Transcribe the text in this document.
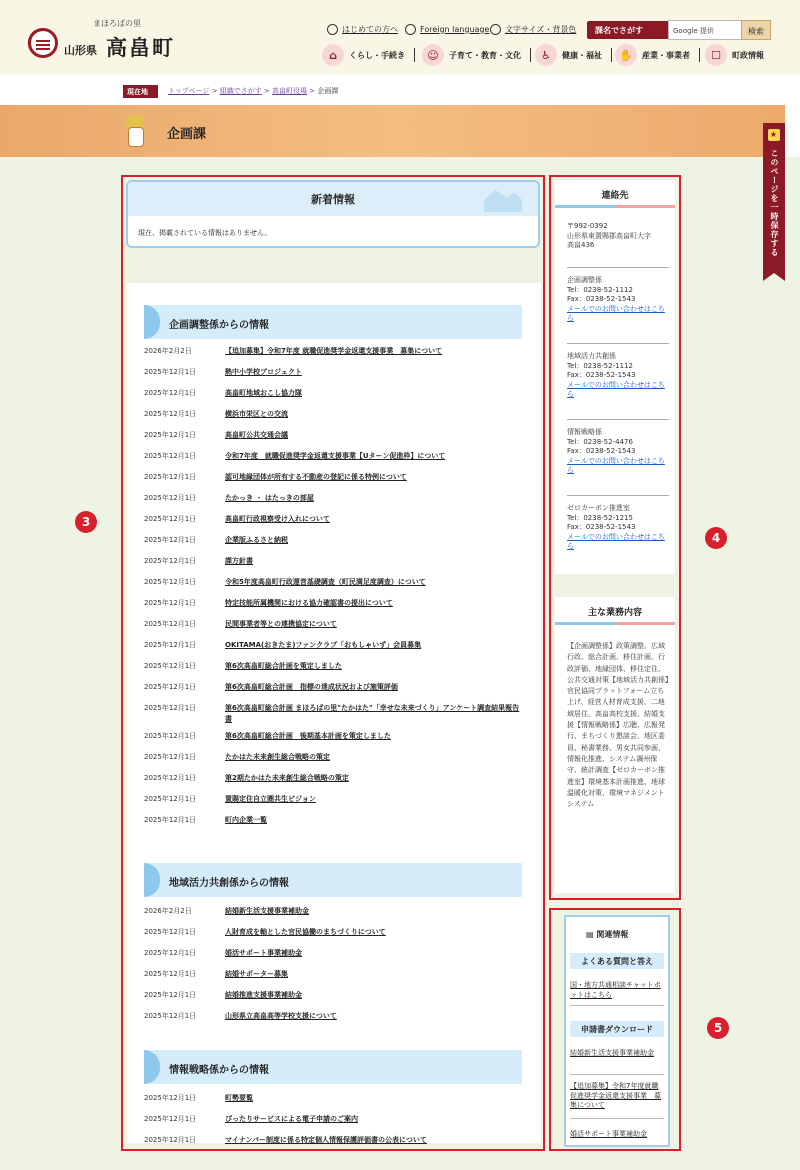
まほろばの里
山形県 高畠町
はじめての方へ	Foreign language 文字サイズ・背景色	課名でさがす	Google 提供	検索
⌂	くらし・手続き	☺	子育て・教育・文化	♿	健康・福祉	✋	産業・事業者	☐	町政情報
現在地	トップページ > 組織でさがす > 高畠町役場 > 企画課
企画課	★
このページを一時保存する
新着情報
現在、掲載されている情報はありません。
企画調整係からの情報
2026年2月2日	【追加募集】令和7年度 就職促進奨学金返還支援事業　募集について
2025年12月1日	熱中小学校プロジェクト
2025年12月1日	高畠町地域おこし協力隊
2025年12月1日	横浜市栄区との交流
2025年12月1日	高畠町公共交通会議
2025年12月1日	令和7年度　就職促進奨学金返還支援事業【Uターン促進枠】について
2025年12月1日	認可地縁団体が所有する不動産の登記に係る特例について
2025年12月1日	たかっき ・ はたっきの部屋
2025年12月1日	高畠町行政視察受け入れについて
2025年12月1日	企業版ふるさと納税
2025年12月1日	課方針書
2025年12月1日	令和5年度高畠町行政運営基礎調査（町民満足度調査）について
2025年12月1日	特定技能所属機関における協力確認書の提出について
2025年12月1日	民間事業者等との連携協定について
2025年12月1日	OKITAMA(おきたま)ファンクラブ「おもしゃいず」会員募集
2025年12月1日	第6次高畠町総合計画を策定しました
2025年12月1日	第6次高畠町総合計画　指標の達成状況および施策評価
2025年12月1日	第6次高畠町総合計画 まほろばの里"たかはた"「幸せな未来づくり」アンケート調査結果報告書
2025年12月1日	第6次高畠町総合計画　後期基本計画を策定しました
2025年12月1日	たかはた未来創生総合戦略の策定
2025年12月1日	第2期たかはた未来創生総合戦略の策定
2025年12月1日	置賜定住自立圏共生ビジョン
2025年12月1日	町内企業一覧
地域活力共創係からの情報
2026年2月2日	結婚新生活支援事業補助金
2025年12月1日	人財育成を軸とした官民協働のまちづくりについて
2025年12月1日	婚活サポート事業補助金
2025年12月1日	結婚サポーター募集
2025年12月1日	結婚推進支援事業補助金
2025年12月1日	山形県立高畠高等学校支援について
情報戦略係からの情報
2025年12月1日	町勢要覧
2025年12月1日	ぴったりサービスによる電子申請のご案内
2025年12月1日	マイナンバー制度に係る特定個人情報保護評価書の公表について
連絡先
〒992-0392
山形県東置賜郡高畠町大字
高畠436
企画調整係
Tel：0238-52-1112
Fax：0238-52-1543
メールでのお問い合わせはこちら
地域活力共創係
Tel：0238-52-1112
Fax：0238-52-1543
メールでのお問い合わせはこちら
情報戦略係
Tel：0238-52-4476
Fax：0238-52-1543
メールでのお問い合わせはこちら
ゼロカーボン推進室
Tel：0238-52-1215
Fax：0238-52-1543
メールでのお問い合わせはこちら
主な業務内容
【企画調整係】政策調整、広域行政、総合計画、移住計画、行政評価、地縁団体、移住定住、公共交通対策【地域活力共創係】官民協同プラットフォーム立ち上げ、経営人材育成支援、二地域居住、高畠高校支援、結婚支援【情報戦略係】広聴、広報発行、まちづくり懇談会、地区委員、秘書業務、男女共同参画、情報化推進、システム調州保守、統計調査【ゼロカーボン推進室】環境基本計画推進、地球温暖化対策、環境マネジメントシステム
▤ 関連情報
よくある質問と答え
国・地方共通相談チャットボットはこちら
申請書ダウンロード
結婚新生活支援事業補助金
【追加募集】令和7年度就職促進奨学金返還支援事業　募集について
婚活サポート事業補助金
3
4
5
